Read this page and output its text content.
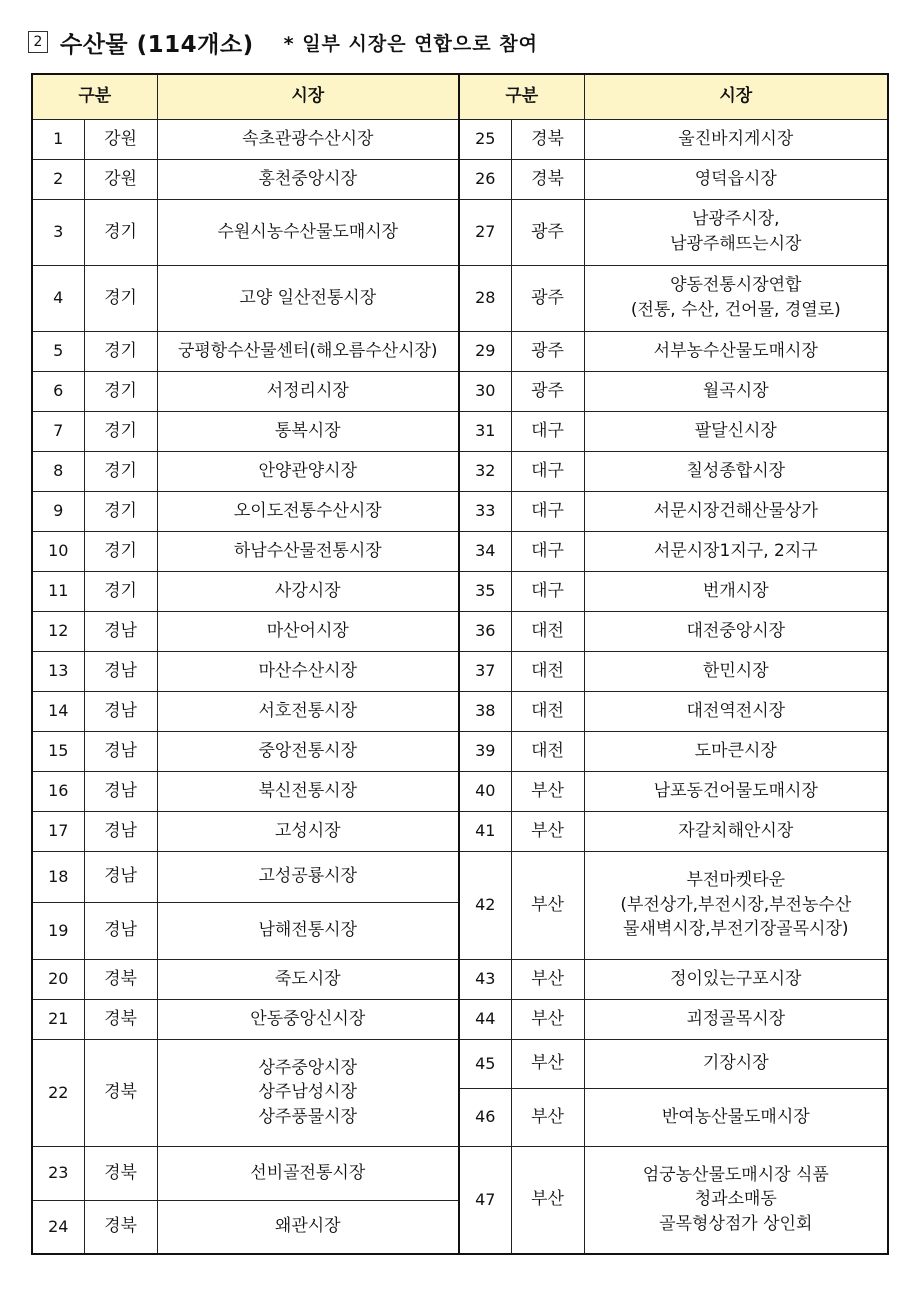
2 수산물 (114개소) * 일부 시장은 연합으로 참여
구분		시장	구분		시장
1	강원	속초관광수산시장	25	경북	울진바지게시장
2	강원	홍천중앙시장	26	경북	영덕읍시장
3	경기	수원시농수산물도매시장	27	광주	남광주시장,
남광주해뜨는시장
4	경기	고양 일산전통시장	28	광주	양동전통시장연합
(전통, 수산, 건어물, 경열로)
5	경기	궁평항수산물센터(해오름수산시장)	29	광주	서부농수산물도매시장
6	경기	서정리시장	30	광주	월곡시장
7	경기	통복시장	31	대구	팔달신시장
8	경기	안양관양시장	32	대구	칠성종합시장
9	경기	오이도전통수산시장	33	대구	서문시장건해산물상가
10	경기	하남수산물전통시장	34	대구	서문시장1지구, 2지구
11	경기	사강시장	35	대구	번개시장
12	경남	마산어시장	36	대전	대전중앙시장
13	경남	마산수산시장	37	대전	한민시장
14	경남	서호전통시장	38	대전	대전역전시장
15	경남	중앙전통시장	39	대전	도마큰시장
16	경남	북신전통시장	40	부산	남포동건어물도매시장
17	경남	고성시장	41	부산	자갈치해안시장
18	경남	고성공룡시장	42	부산	부전마켓타운
(부전상가,부전시장,부전농수산
물새벽시장,부전기장골목시장)
19	경남	남해전통시장			
20	경북	죽도시장	43	부산	정이있는구포시장
21	경북	안동중앙신시장	44	부산	괴정골목시장
22	경북	상주중앙시장
상주남성시장
상주풍물시장	45	부산	기장시장
			46	부산	반여농산물도매시장
23	경북	선비골전통시장	47	부산	엄궁농산물도매시장 식품
청과소매동
골목형상점가 상인회
24	경북	왜관시장			
